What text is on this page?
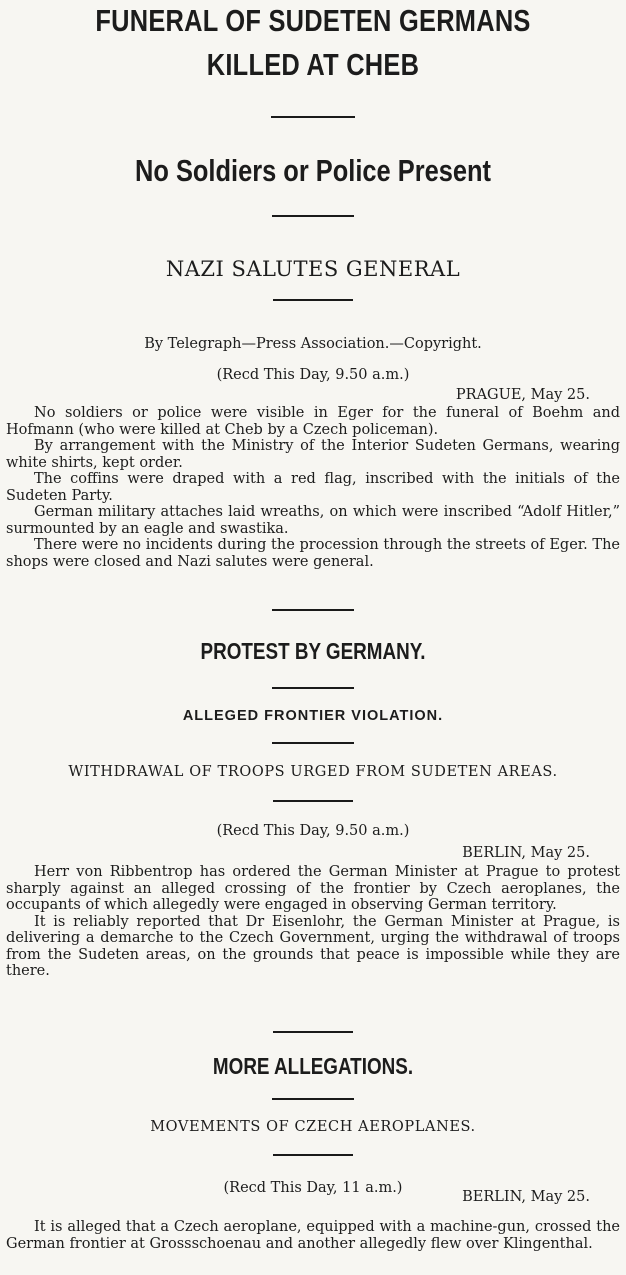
FUNERAL OF SUDETEN GERMANS
KILLED AT CHEB
No Soldiers or Police Present
NAZI SALUTES GENERAL
By Telegraph—Press Association.—Copyright.
(Recd This Day, 9.50 a.m.)
PRAGUE, May 25.

No soldiers or police were visible in Eger for the funeral of Boehm and Hofmann (who were killed at Cheb by a Czech policeman).

By arrangement with the Ministry of the Interior Sudeten Germans, wearing white shirts, kept order.

The coffins were draped with a red flag, inscribed with the initials of the Sudeten Party.

German military attaches laid wreaths, on which were inscribed “Adolf Hitler,” surmounted by an eagle and swastika.

There were no incidents during the procession through the streets of Eger. The shops were closed and Nazi salutes were general.

PROTEST BY GERMANY.
ALLEGED FRONTIER VIOLATION.
WITHDRAWAL OF TROOPS URGED FROM SUDETEN AREAS.
(Recd This Day, 9.50 a.m.)
BERLIN, May 25.

Herr von Ribbentrop has ordered the German Minister at Prague to protest sharply against an alleged crossing of the frontier by Czech aeroplanes, the occupants of which allegedly were engaged in observing German territory.

It is reliably reported that Dr Eisenlohr, the German Minister at Prague, is delivering a demarche to the Czech Government, urging the withdrawal of troops from the Sudeten areas, on the grounds that peace is impossible while they are there.

MORE ALLEGATIONS.
MOVEMENTS OF CZECH AEROPLANES.
(Recd This Day, 11 a.m.)
BERLIN, May 25.

It is alleged that a Czech aeroplane, equipped with a machine-gun, crossed the German frontier at Grossschoenau and another allegedly flew over Klingenthal.
